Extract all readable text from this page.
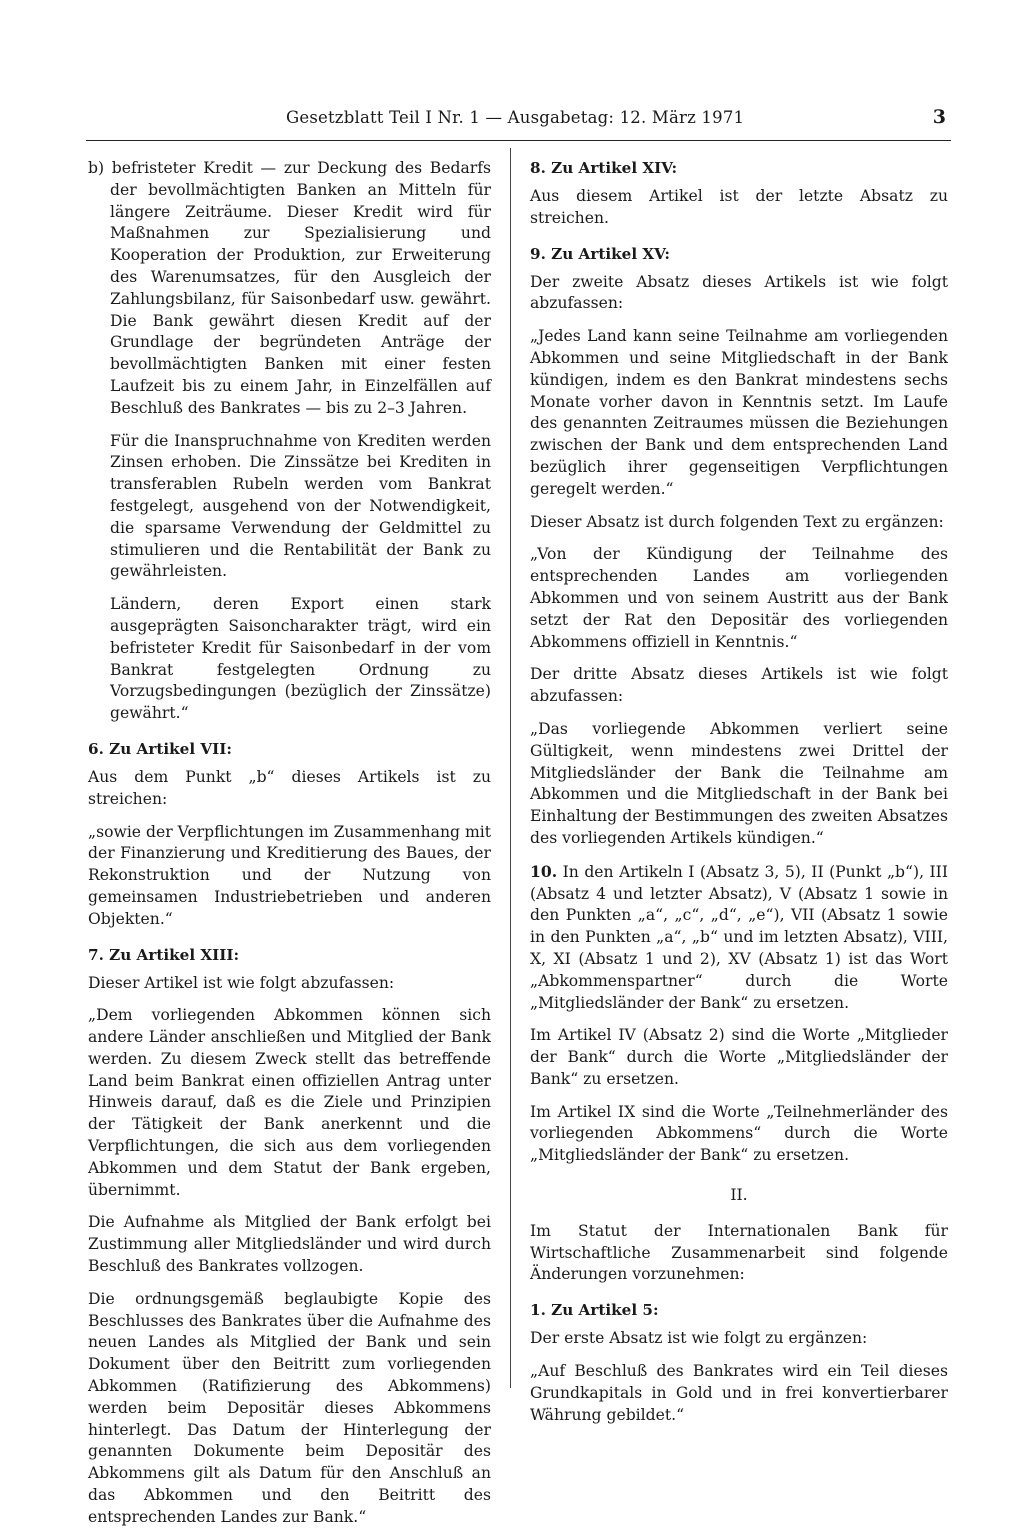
Gesetzblatt Teil I Nr. 1 — Ausgabetag: 12. März 1971	3

b) befristeter Kredit — zur Deckung des Bedarfs der bevollmächtigten Banken an Mitteln für längere Zeiträume. Dieser Kredit wird für Maßnahmen zur Spezialisierung und Kooperation der Produktion, zur Erweiterung des Warenumsatzes, für den Ausgleich der Zahlungsbilanz, für Saisonbedarf usw. gewährt. Die Bank gewährt diesen Kredit auf der Grundlage der begründeten Anträge der bevollmächtigten Banken mit einer festen Laufzeit bis zu einem Jahr, in Einzelfällen auf Beschluß des Bankrates — bis zu 2–3 Jahren.

Für die Inanspruchnahme von Krediten werden Zinsen erhoben. Die Zinssätze bei Krediten in transferablen Rubeln werden vom Bankrat festgelegt, ausgehend von der Notwendigkeit, die sparsame Verwendung der Geldmittel zu stimulieren und die Rentabilität der Bank zu gewährleisten.

Ländern, deren Export einen stark ausgeprägten Saisoncharakter trägt, wird ein befristeter Kredit für Saisonbedarf in der vom Bankrat festgelegten Ordnung zu Vorzugsbedingungen (bezüglich der Zinssätze) gewährt.“

6. Zu Artikel VII:

Aus dem Punkt „b“ dieses Artikels ist zu streichen:

„sowie der Verpflichtungen im Zusammenhang mit der Finanzierung und Kreditierung des Baues, der Rekonstruktion und der Nutzung von gemeinsamen Industriebetrieben und anderen Objekten.“

7. Zu Artikel XIII:

Dieser Artikel ist wie folgt abzufassen:

„Dem vorliegenden Abkommen können sich andere Länder anschließen und Mitglied der Bank werden. Zu diesem Zweck stellt das betreffende Land beim Bankrat einen offiziellen Antrag unter Hinweis darauf, daß es die Ziele und Prinzipien der Tätigkeit der Bank anerkennt und die Verpflichtungen, die sich aus dem vorliegenden Abkommen und dem Statut der Bank ergeben, übernimmt.

Die Aufnahme als Mitglied der Bank erfolgt bei Zustimmung aller Mitgliedsländer und wird durch Beschluß des Bankrates vollzogen.

Die ordnungsgemäß beglaubigte Kopie des Beschlusses des Bankrates über die Aufnahme des neuen Landes als Mitglied der Bank und sein Dokument über den Beitritt zum vorliegenden Abkommen (Ratifizierung des Abkommens) werden beim Depositär dieses Abkommens hinterlegt. Das Datum der Hinterlegung der genannten Dokumente beim Depositär des Abkommens gilt als Datum für den Anschluß an das Abkommen und den Beitritt des entsprechenden Landes zur Bank.“

8. Zu Artikel XIV:

Aus diesem Artikel ist der letzte Absatz zu streichen.

9. Zu Artikel XV:

Der zweite Absatz dieses Artikels ist wie folgt abzufassen:

„Jedes Land kann seine Teilnahme am vorliegenden Abkommen und seine Mitgliedschaft in der Bank kündigen, indem es den Bankrat mindestens sechs Monate vorher davon in Kenntnis setzt. Im Laufe des genannten Zeitraumes müssen die Beziehungen zwischen der Bank und dem entsprechenden Land bezüglich ihrer gegenseitigen Verpflichtungen geregelt werden.“

Dieser Absatz ist durch folgenden Text zu ergänzen:

„Von der Kündigung der Teilnahme des entsprechenden Landes am vorliegenden Abkommen und von seinem Austritt aus der Bank setzt der Rat den Depositär des vorliegenden Abkommens offiziell in Kenntnis.“

Der dritte Absatz dieses Artikels ist wie folgt abzufassen:

„Das vorliegende Abkommen verliert seine Gültigkeit, wenn mindestens zwei Drittel der Mitgliedsländer der Bank die Teilnahme am Abkommen und die Mitgliedschaft in der Bank bei Einhaltung der Bestimmungen des zweiten Absatzes des vorliegenden Artikels kündigen.“

10. In den Artikeln I (Absatz 3, 5), II (Punkt „b“), III (Absatz 4 und letzter Absatz), V (Absatz 1 sowie in den Punkten „a“, „c“, „d“, „e“), VII (Absatz 1 sowie in den Punkten „a“, „b“ und im letzten Absatz), VIII, X, XI (Absatz 1 und 2), XV (Absatz 1) ist das Wort „Abkommenspartner“ durch die Worte „Mitgliedsländer der Bank“ zu ersetzen.

Im Artikel IV (Absatz 2) sind die Worte „Mitglieder der Bank“ durch die Worte „Mitgliedsländer der Bank“ zu ersetzen.

Im Artikel IX sind die Worte „Teilnehmerländer des vorliegenden Abkommens“ durch die Worte „Mitgliedsländer der Bank“ zu ersetzen.

II.

Im Statut der Internationalen Bank für Wirtschaftliche Zusammenarbeit sind folgende Änderungen vorzunehmen:

1. Zu Artikel 5:

Der erste Absatz ist wie folgt zu ergänzen:

„Auf Beschluß des Bankrates wird ein Teil dieses Grundkapitals in Gold und in frei konvertierbarer Währung gebildet.“
